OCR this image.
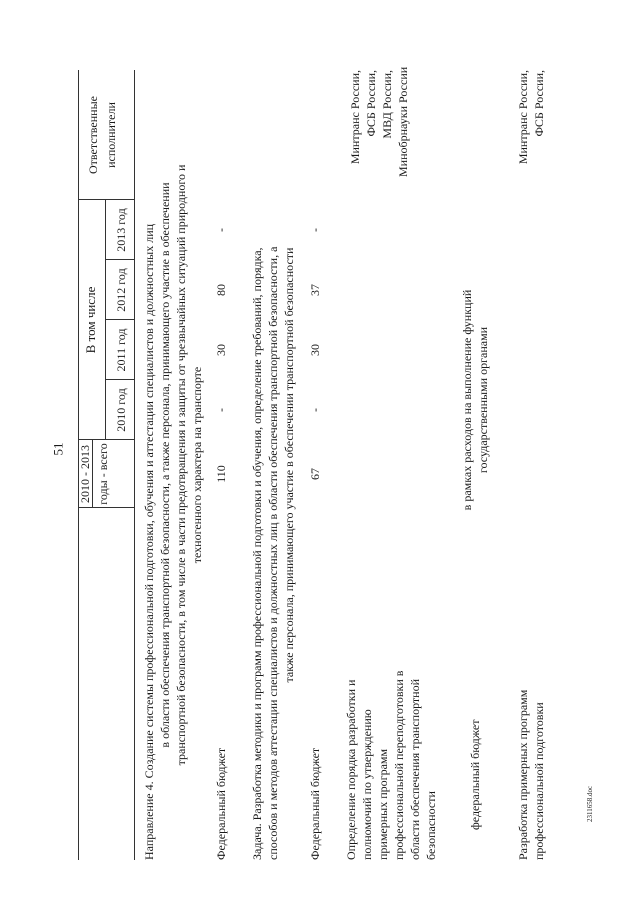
51
2311658.doc
2010 - 2013 годы - всего
В том числе
2010 год
2011 год
2012 год
2013 год
Ответственные исполнители
Направление 4. Создание системы профессиональной подготовки, обучения и аттестации специалистов и должностных лиц в области обеспечения транспортной безопасности, а также персонала, принимающего участие в обеспечении транспортной безопасности, в том числе в части предотвращения и защиты от чрезвычайных ситуаций природного и техногенного характера на транспорте
Федеральный бюджет
110
-
30
80
-
Задача. Разработка методики и программ профессиональной подготовки и обучения, определение требований, порядка, способов и методов аттестации специалистов и должностных лиц в области обеспечения транспортной безопасности, а также персонала, принимающего участие в обеспечении транспортной безопасности
Федеральный бюджет
67
-
30
37
-
Определение порядка разработки и полномочий по утверждению примерных программ профессиональной переподготовки в области обеспечения транспортной безопасности	федеральный бюджет
в рамках расходов на выполнение функций государственными органами
Минтранс России, ФСБ России, МВД России, Минобрнауки России
Разработка примерных программ профессиональной подготовки
Минтранс России, ФСБ России,
